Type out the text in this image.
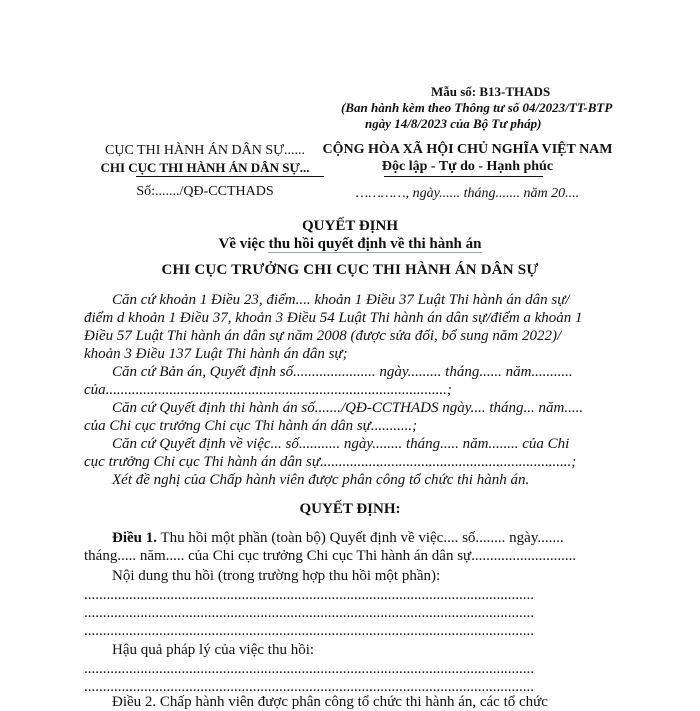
Mẫu số: B13-THADS
(Ban hành kèm theo Thông tư số 04/2023/TT-BTP
ngày 14/8/2023 của Bộ Tư pháp)
CỤC THI HÀNH ÁN DÂN SỰ......
CHI CỤC THI HÀNH ÁN DÂN SỰ...
Số:......./QĐ-CCTHADS
CỘNG HÒA XÃ HỘI CHỦ NGHĨA VIỆT NAM
Độc lập - Tự do - Hạnh phúc
…………, ngày...... tháng....... năm 20....
QUYẾT ĐỊNH
Về việc thu hồi quyết định về thi hành án
CHI CỤC TRƯỞNG CHI CỤC THI HÀNH ÁN DÂN SỰ
Căn cứ khoản 1 Điều 23, điểm.... khoản 1 Điều 37 Luật Thi hành án dân sự/
điểm d khoản 1 Điều 37, khoản 3 Điều 54 Luật Thi hành án dân sự/điểm a khoản 1
Điều 57 Luật Thi hành án dân sự năm 2008 (được sửa đổi, bổ sung năm 2022)/
khoản 3 Điều 137 Luật Thi hành án dân sự;
Căn cứ Bản án, Quyết định số...................... ngày......... tháng...... năm...........
của...........................................................................................;
Căn cứ Quyết định thi hành án số......./QĐ-CCTHADS ngày.... tháng... năm.....
của Chi cục trưởng Chi cục Thi hành án dân sự...........;
Căn cứ Quyết định về việc... số........... ngày........ tháng..... năm........ của Chi
cục trưởng Chi cục Thi hành án dân sự...................................................................;
Xét đề nghị của Chấp hành viên được phân công tổ chức thi hành án.
QUYẾT ĐỊNH:
Điều 1. Thu hồi một phần (toàn bộ) Quyết định về việc.... số........ ngày.......
tháng..... năm..... của Chi cục trưởng Chi cục Thi hành án dân sự............................
Nội dung thu hồi (trong trường hợp thu hồi một phần):
........................................................................................................................
........................................................................................................................
........................................................................................................................
Hậu quả pháp lý của việc thu hồi:
........................................................................................................................
........................................................................................................................
Điều 2. Chấp hành viên được phân công tổ chức thi hành án, các tổ chức
